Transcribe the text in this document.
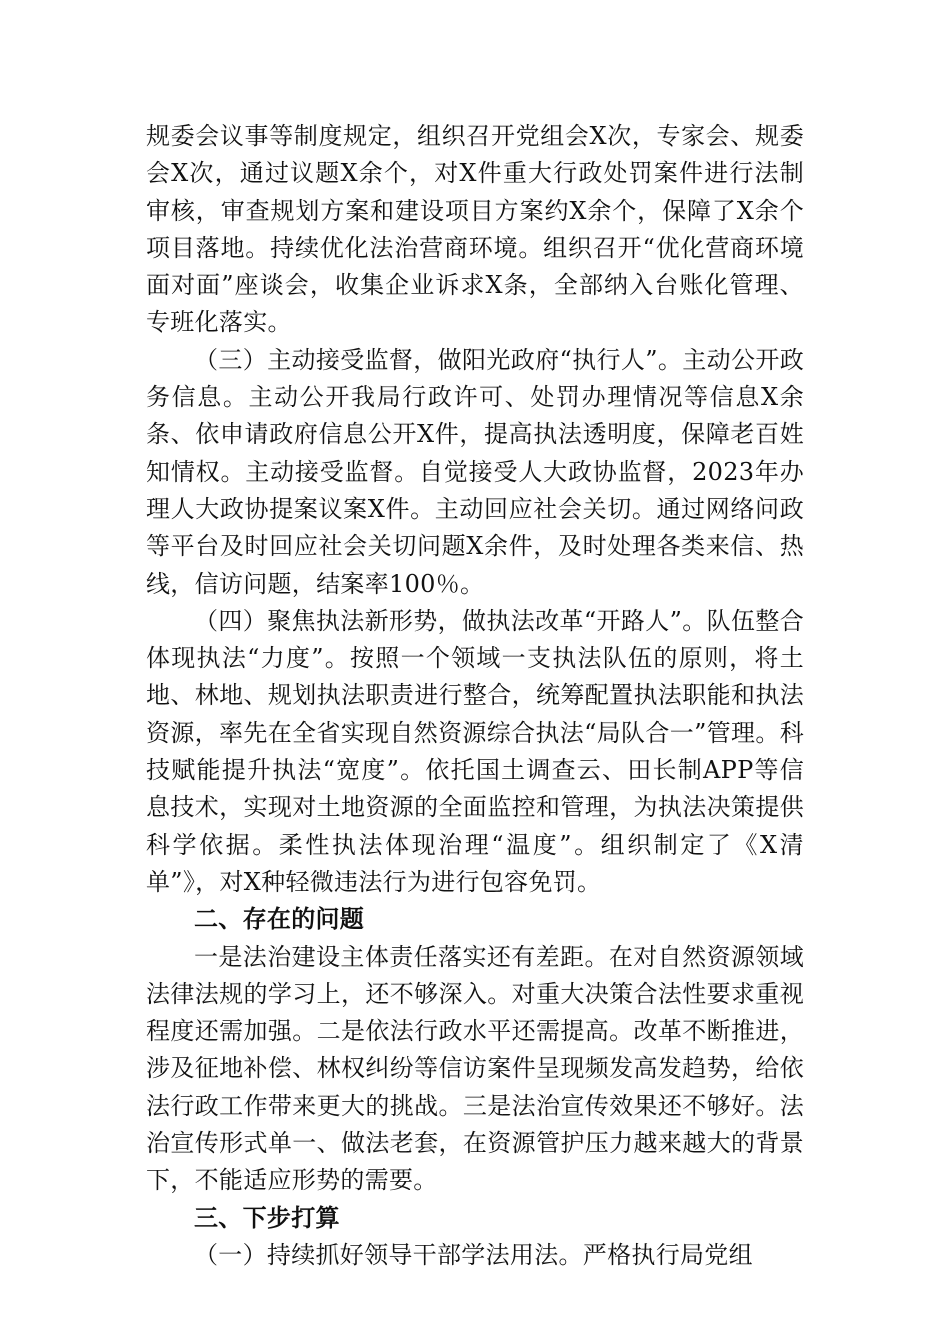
规委会议事等制度规定，组织召开党组会X次，专家会、规委会X次，通过议题X余个，对X件重大行政处罚案件进行法制审核，审查规划方案和建设项目方案约X余个，保障了X余个项目落地。持续优化法治营商环境。组织召开“优化营商环境面对面”座谈会，收集企业诉求X条，全部纳入台账化管理、专班化落实。

（三）主动接受监督，做阳光政府“执行人”。主动公开政务信息。主动公开我局行政许可、处罚办理情况等信息X余条、依申请政府信息公开X件，提高执法透明度，保障老百姓知情权。主动接受监督。自觉接受人大政协监督，2023年办理人大政协提案议案X件。主动回应社会关切。通过网络问政等平台及时回应社会关切问题X余件，及时处理各类来信、热线，信访问题，结案率100％。

（四）聚焦执法新形势，做执法改革“开路人”。队伍整合体现执法“力度”。按照一个领域一支执法队伍的原则，将土地、林地、规划执法职责进行整合，统筹配置执法职能和执法资源，率先在全省实现自然资源综合执法“局队合一”管理。科技赋能提升执法“宽度”。依托国土调查云、田长制APP等信息技术，实现对土地资源的全面监控和管理，为执法决策提供科学依据。柔性执法体现治理“温度”。组织制定了《X清单”》，对X种轻微违法行为进行包容免罚。

二、存在的问题

一是法治建设主体责任落实还有差距。在对自然资源领域法律法规的学习上，还不够深入。对重大决策合法性要求重视程度还需加强。二是依法行政水平还需提高。改革不断推进，涉及征地补偿、林权纠纷等信访案件呈现频发高发趋势，给依法行政工作带来更大的挑战。三是法治宣传效果还不够好。法治宣传形式单一、做法老套，在资源管护压力越来越大的背景下，不能适应形势的需要。

三、下步打算

（一）持续抓好领导干部学法用法。严格执行局党组
